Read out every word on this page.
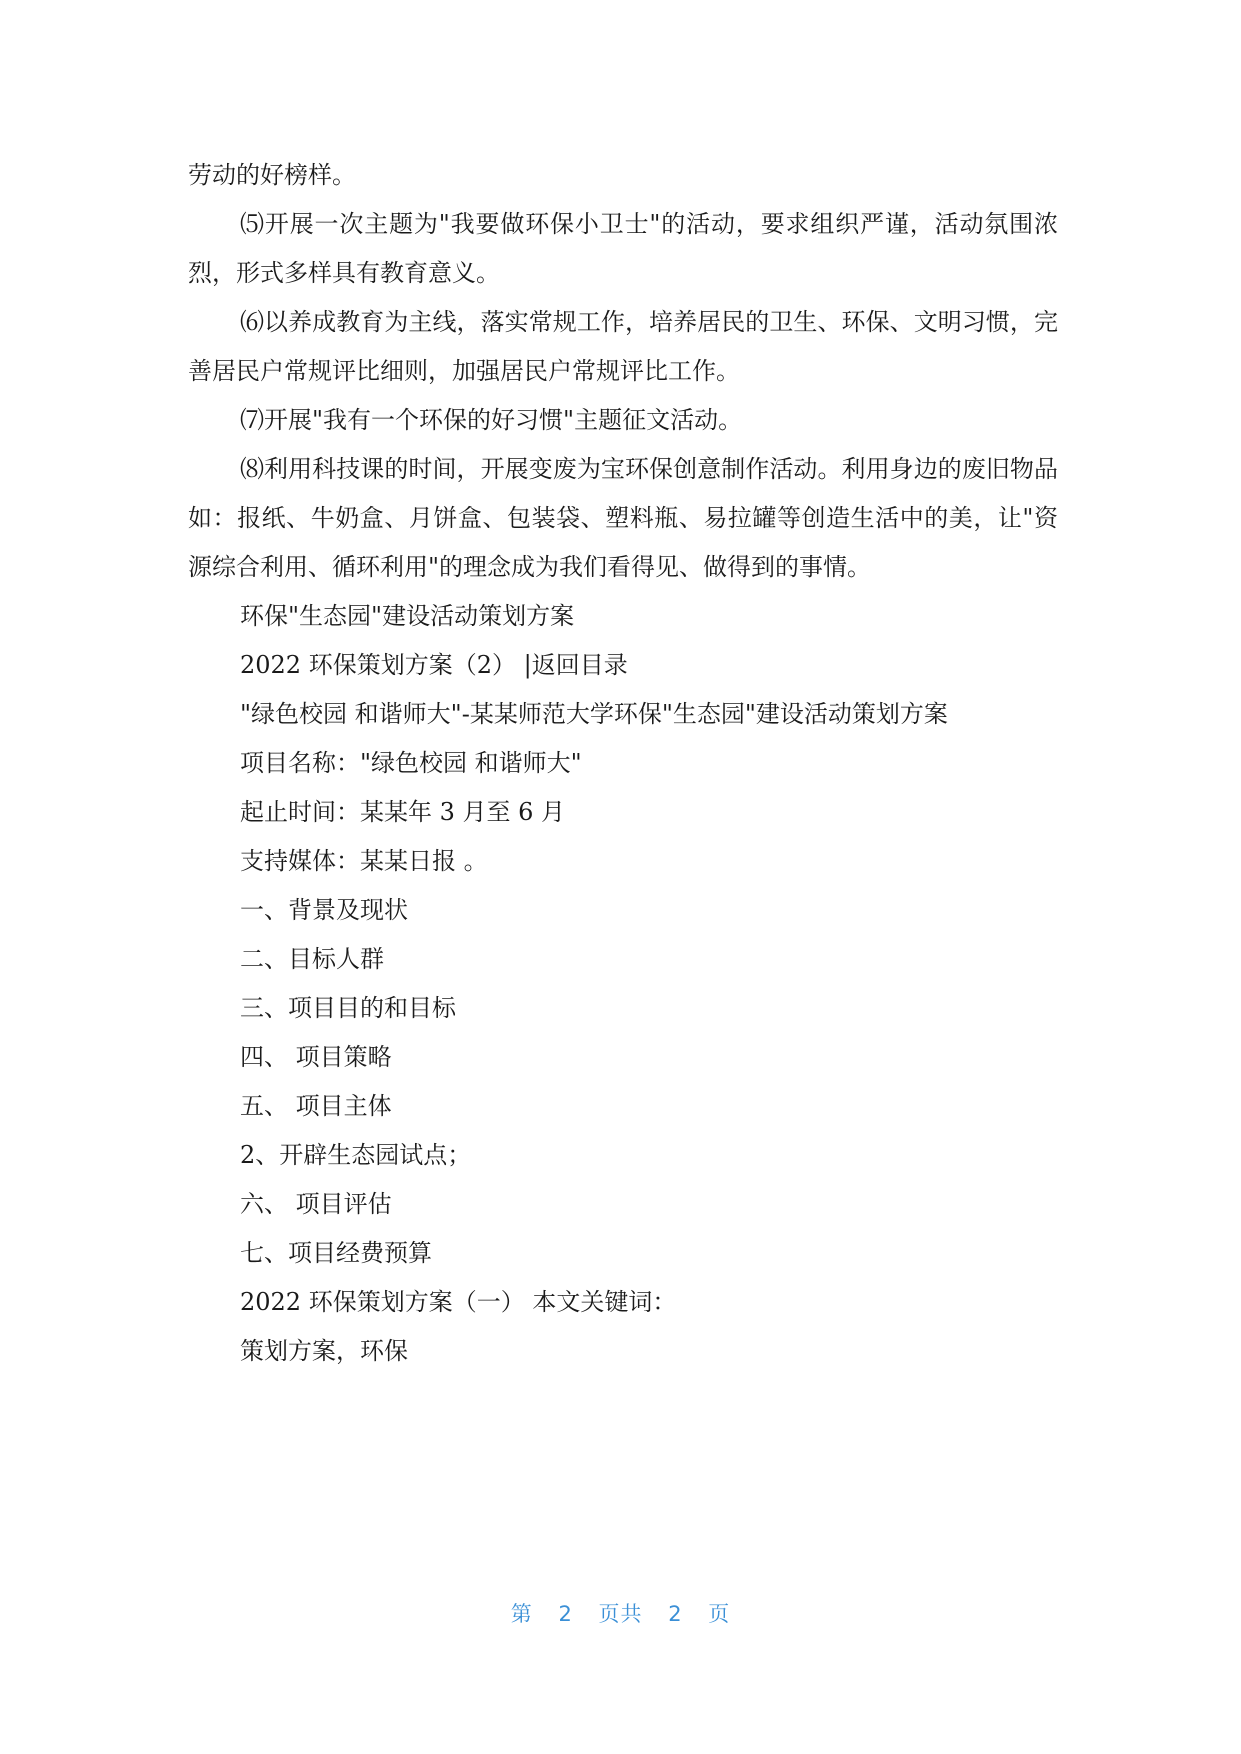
劳动的好榜样。

⑸开展一次主题为"我要做环保小卫士"的活动，要求组织严谨，活动氛围浓烈，形式多样具有教育意义。

⑹以养成教育为主线，落实常规工作，培养居民的卫生、环保、文明习惯，完善居民户常规评比细则，加强居民户常规评比工作。

⑺开展"我有一个环保的好习惯"主题征文活动。

⑻利用科技课的时间，开展变废为宝环保创意制作活动。利用身边的废旧物品如：报纸、牛奶盒、月饼盒、包装袋、塑料瓶、易拉罐等创造生活中的美，让"资源综合利用、循环利用"的理念成为我们看得见、做得到的事情。

环保"生态园"建设活动策划方案

2022 环保策划方案（2） |返回目录

"绿色校园 和谐师大"-某某师范大学环保"生态园"建设活动策划方案

项目名称："绿色校园 和谐师大"

起止时间：某某年 3 月至 6 月

支持媒体：某某日报 。

一、背景及现状

二、目标人群

三、项目目的和目标

四、 项目策略

五、 项目主体

2、开辟生态园试点；

六、 项目评估

七、项目经费预算

2022 环保策划方案（一） 本文关键词：

策划方案，环保

第 2 页共 2 页
